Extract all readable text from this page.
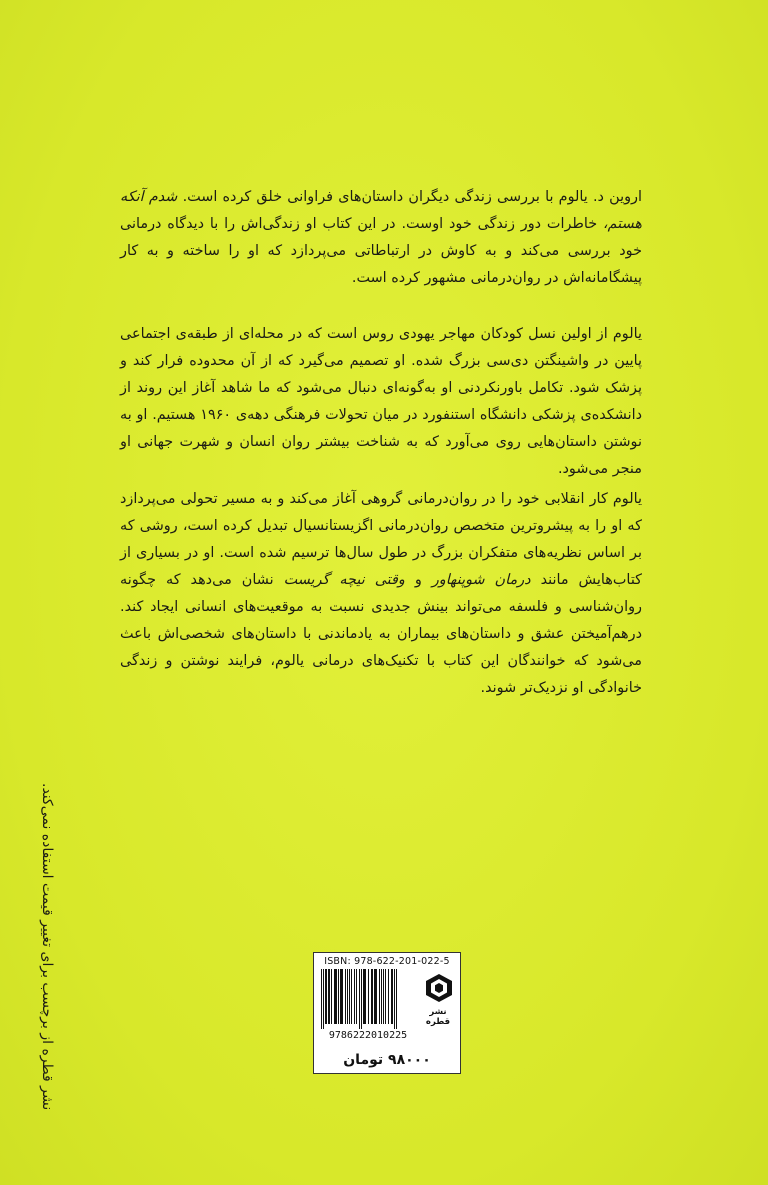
اروین د. یالوم با بررسی زندگی دیگران داستان‌های فراوانی خلق کرده است. شدم آنکه هستم، خاطرات دور زندگی خود اوست. در این کتاب او زندگی‌اش را با دیدگاه درمانی خود بررسی می‌کند و به کاوش در ارتباطاتی می‌پردازد که او را ساخته و به کار پیشگامانه‌اش در روان‌درمانی مشهور کرده است.

یالوم از اولین نسل کودکان مهاجر یهودی روس است که در محله‌ای از طبقه‌ی اجتماعی پایین در واشینگتن دی‌سی بزرگ شده. او تصمیم می‌گیرد که از آن محدوده فرار کند و پزشک شود. تکامل باورنکردنی او به‌گونه‌ای دنبال می‌شود که ما شاهد آغاز این روند از دانشکده‌ی پزشکی دانشگاه استنفورد در میان تحولات فرهنگی دهه‌ی ۱۹۶۰ هستیم. او به نوشتن داستان‌هایی روی می‌آورد که به شناخت بیشتر روان انسان و شهرت جهانی او منجر می‌شود.

یالوم کار انقلابی خود را در روان‌درمانی گروهی آغاز می‌کند و به مسیر تحولی می‌پردازد که او را به پیشروترین متخصص روان‌درمانی اگزیستانسیال تبدیل کرده است، روشی که بر اساس نظریه‌های متفکران بزرگ در طول سال‌ها ترسیم شده است. او در بسیاری از کتاب‌هایش مانند درمان شوپنهاور و وقتی نیچه گریست نشان می‌دهد که چگونه روان‌شناسی و فلسفه می‌تواند بینش جدیدی نسبت به موقعیت‌های انسانی ایجاد کند. درهم‌آمیختن عشق و داستان‌های بیماران به یادماندنی با داستان‌های شخصی‌اش باعث می‌شود که خوانندگان این کتاب با تکنیک‌های درمانی یالوم، فرایند نوشتن و زندگی خانوادگی او نزدیک‌تر شوند.

نشر قطره از برچسب برای تغییر قیمت استفاده نمی‌کند.	ISBN: 978-622-201-022-5
9786222010225
نشر قطره
۹۸۰۰۰ تومان
